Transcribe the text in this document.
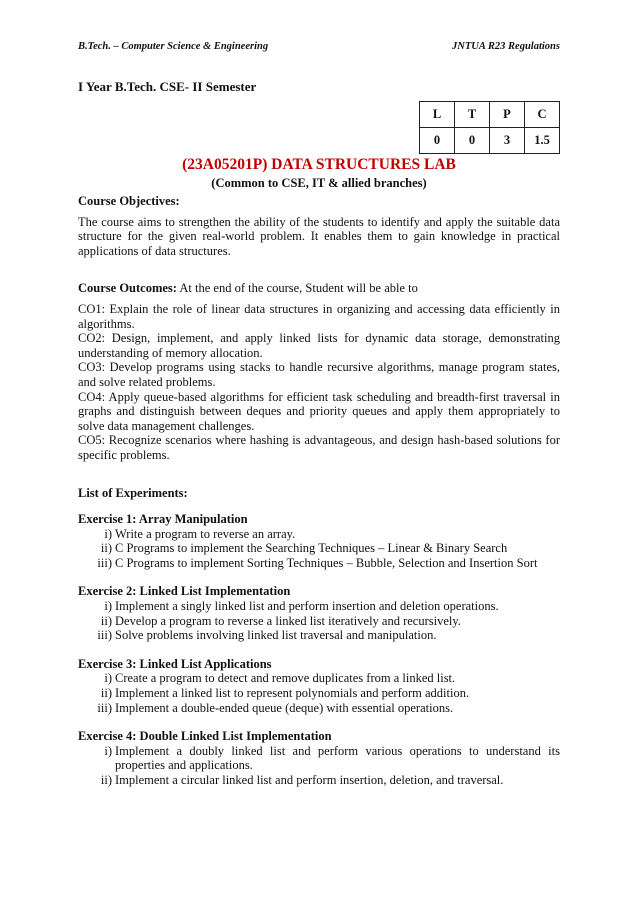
B.Tech. – Computer Science & Engineering	JNTUA R23 Regulations
I Year B.Tech. CSE- II Semester
L	T	P	C
0	0	3	1.5
(23A05201P) DATA STRUCTURES LAB
(Common to CSE, IT & allied branches)
Course Objectives:
The course aims to strengthen the ability of the students to identify and apply the suitable data structure for the given real-world problem. It enables them to gain knowledge in practical applications of data structures.
Course Outcomes: At the end of the course, Student will be able to
CO1: Explain the role of linear data structures in organizing and accessing data efficiently in algorithms.
CO2: Design, implement, and apply linked lists for dynamic data storage, demonstrating understanding of memory allocation.
CO3: Develop programs using stacks to handle recursive algorithms, manage program states, and solve related problems.
CO4: Apply queue-based algorithms for efficient task scheduling and breadth-first traversal in graphs and distinguish between deques and priority queues and apply them appropriately to solve data management challenges.
CO5: Recognize scenarios where hashing is advantageous, and design hash-based solutions for specific problems.
List of Experiments:
Exercise 1: Array Manipulation
i) Write a program to reverse an array.
ii) C Programs to implement the Searching Techniques – Linear & Binary Search
iii) C Programs to implement Sorting Techniques – Bubble, Selection and Insertion Sort
Exercise 2: Linked List Implementation
i) Implement a singly linked list and perform insertion and deletion operations.
ii) Develop a program to reverse a linked list iteratively and recursively.
iii) Solve problems involving linked list traversal and manipulation.
Exercise 3: Linked List Applications
i) Create a program to detect and remove duplicates from a linked list.
ii) Implement a linked list to represent polynomials and perform addition.
iii) Implement a double-ended queue (deque) with essential operations.
Exercise 4: Double Linked List Implementation
i) Implement a doubly linked list and perform various operations to understand its properties and applications.
ii) Implement a circular linked list and perform insertion, deletion, and traversal.
